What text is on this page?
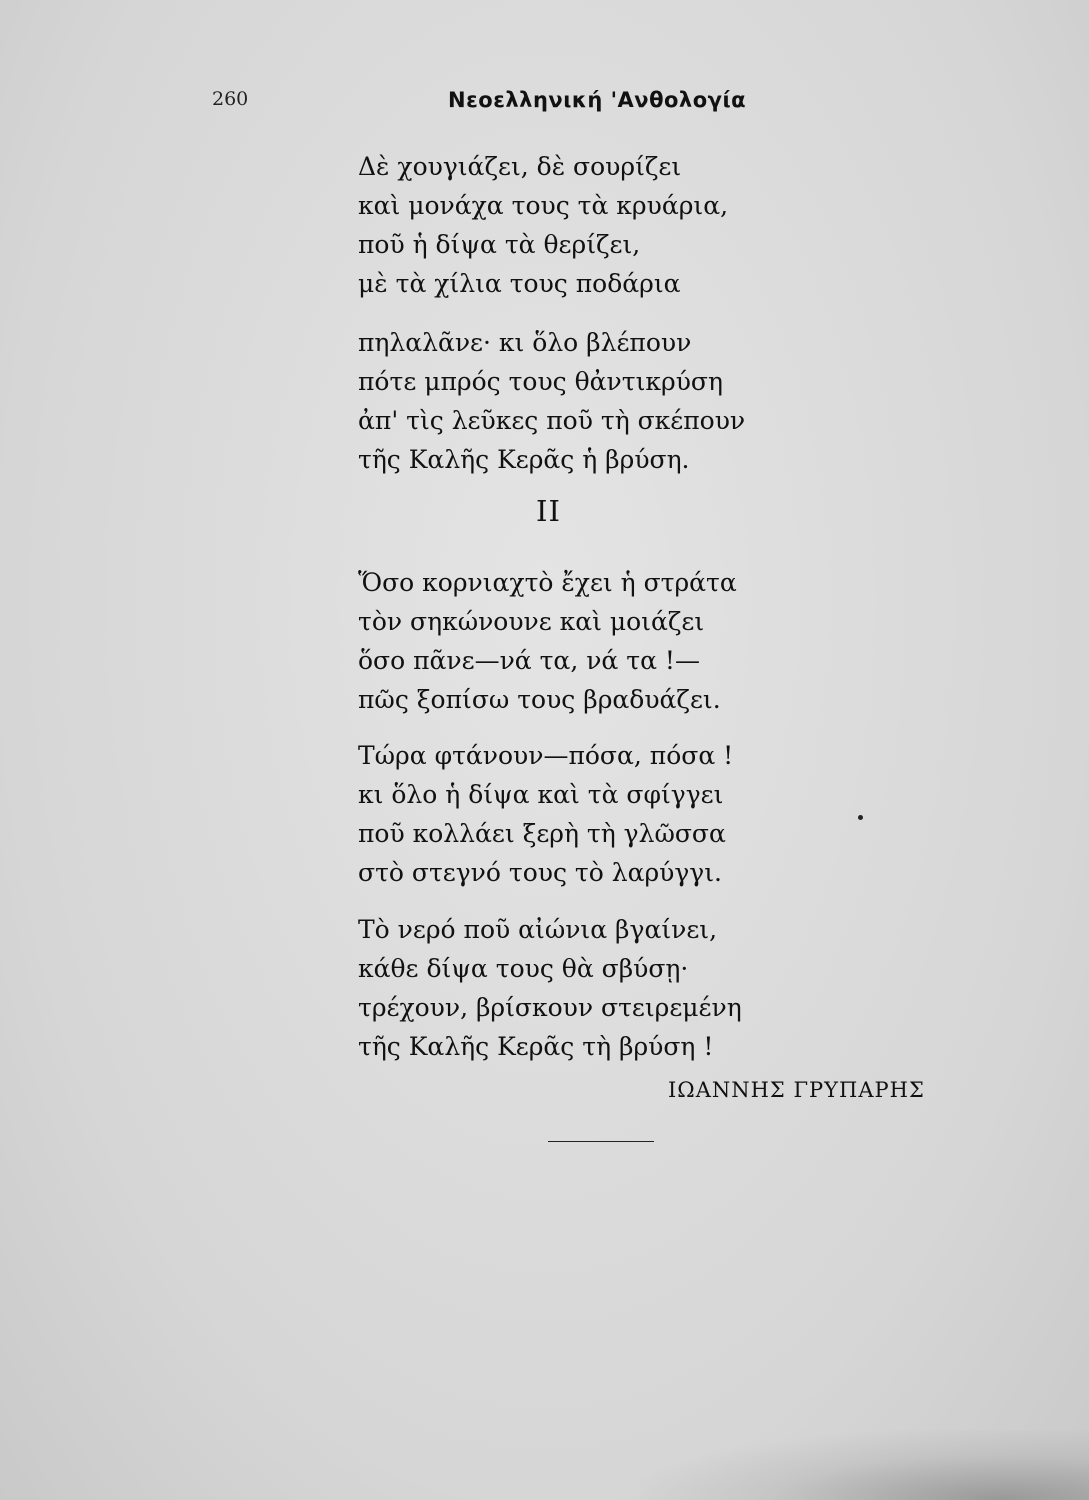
260	Νεοελληνική 'Ανθολογία
Δὲ χουγιάζει, δὲ σουρίζει
καὶ μονάχα τους τὰ κρυάρια,
ποῦ ἡ δίψα τὰ θερίζει,
μὲ τὰ χίλια τους ποδάρια
πηλαλᾶνε· κι ὅλο βλέπουν
πότε μπρός τους θἀντικρύση
ἀπ' τὶς λεῦκες ποῦ τὴ σκέπουν
τῆς Καλῆς Κερᾶς ἡ βρύση.
II
Ὅσο κορνιαχτὸ ἔχει ἡ στράτα
τὸν σηκώνουνε καὶ μοιάζει
ὅσο πᾶνε—νά τα, νά τα !—
πῶς ξοπίσω τους βραδυάζει.
Τώρα φτάνουν—πόσα, πόσα !
κι ὅλο ἡ δίψα καὶ τὰ σφίγγει
ποῦ κολλάει ξερὴ τὴ γλῶσσα
στὸ στεγνό τους τὸ λαρύγγι.
Τὸ νερό ποῦ αἰώνια βγαίνει,
κάθε δίψα τους θὰ σβύσῃ·
τρέχουν, βρίσκουν στειρεμένη
τῆς Καλῆς Κερᾶς τὴ βρύση !
ΙΩΑΝΝΗΣ ΓΡΥΠΑΡΗΣ
